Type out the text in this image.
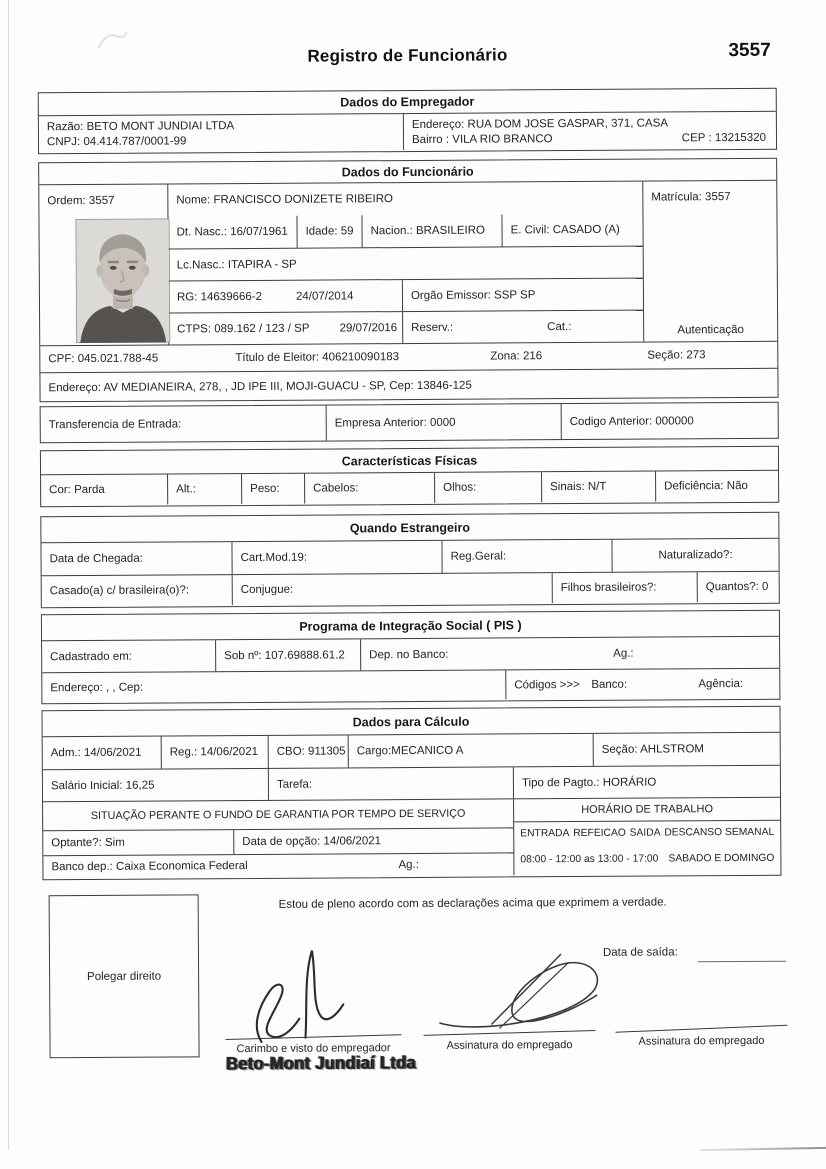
Registro de Funcionário	3557
Dados do Empregador
Razão: BETO MONT JUNDIAI LTDA
CNPJ: 04.414.787/0001-99
Endereço: RUA DOM JOSE GASPAR, 371, CASA
Bairro : VILA RIO BRANCO	CEP : 13215320
Dados do Funcionário
Ordem: 3557	Nome: FRANCISCO DONIZETE RIBEIRO	Matrícula: 3557
Dt. Nasc.: 16/07/1961	Idade: 59	Nacion.: BRASILEIRO	E. Civil: CASADO (A)
Lc.Nasc.: ITAPIRA - SP
RG: 14639666-2	24/07/2014	Orgão Emissor: SSP SP
CTPS: 089.162 / 123 / SP	29/07/2016 Reserv.:	Cat.:	Autenticação
CPF: 045.021.788-45	Título de Eleitor: 406210090183	Zona: 216	Seção: 273
Endereço: AV MEDIANEIRA, 278, , JD IPE III, MOJI-GUACU - SP, Cep: 13846-125
Transferencia de Entrada:	Empresa Anterior: 0000	Codigo Anterior: 000000
Características Físicas
Cor: Parda	Alt.:	Peso:	Cabelos:	Olhos:	Sinais: N/T	Deficiência: Não
Quando Estrangeiro
Data de Chegada:	Cart.Mod.19:	Reg.Geral:	Naturalizado?:
Casado(a) c/ brasileira(o)?:	Conjugue:	Filhos brasileiros?:	Quantos?: 0
Programa de Integração Social ( PIS )
Cadastrado em:	Sob nº: 107.69888.61.2	Dep. no Banco:	Ag.:
Endereço: , , Cep:	Códigos >>> Banco:	Agência:
Dados para Cálculo
Adm.: 14/06/2021	Reg.: 14/06/2021	CBO: 911305 Cargo:MECANICO A	Seção: AHLSTROM
Salário Inicial: 16,25	Tarefa:	Tipo de Pagto.: HORÁRIO
SITUAÇÃO PERANTE O FUNDO DE GARANTIA POR TEMPO DE SERVIÇO
Optante?: Sim	Data de opção: 14/06/2021
Banco dep.: Caixa Economica Federal	Ag.:
HORÁRIO DE TRABALHO
ENTRADA REFEICAO SAIDA DESCANSO SEMANAL
08:00 - 12:00 as 13:00 - 17:00 SABADO E DOMINGO
Estou de pleno acordo com as declarações acima que exprimem a verdade.
Polegar direito
Data de saída:
Carimbo e visto do empregador
Beto-Mont Jundiaí Ltda
Assinatura do empregado	Assinatura do empregado
